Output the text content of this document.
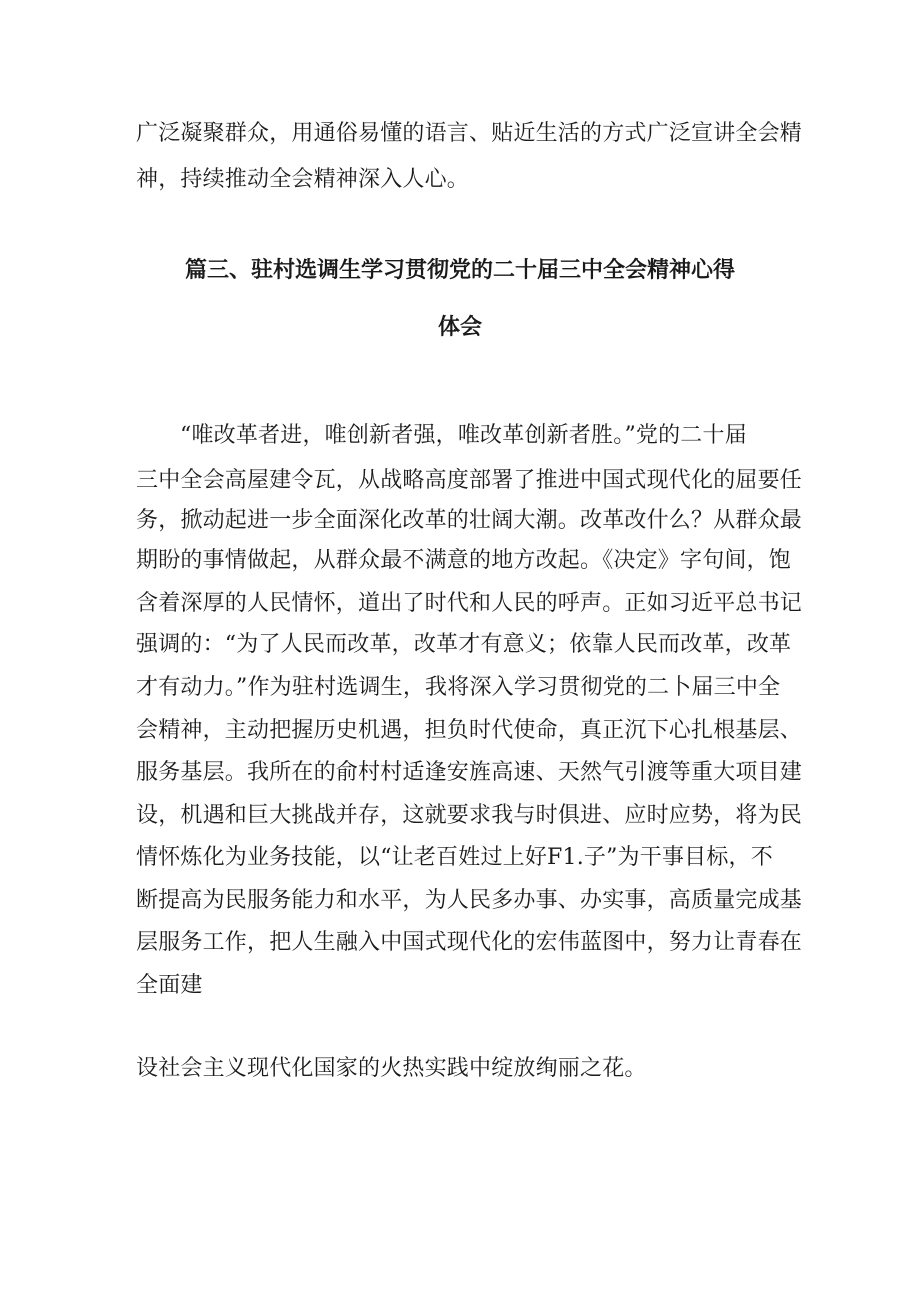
广泛凝聚群众，用通俗易懂的语言、贴近生活的方式广泛宣讲全会精
神，持续推动全会精神深入人心。
篇三、驻村选调生学习贯彻党的二十届三中全会精神心得
体会
“唯改革者进，唯创新者强，唯改革创新者胜。”党的二十届
三中全会高屋建令瓦，从战略高度部署了推进中国式现代化的屈要任
务，掀动起进一步全面深化改革的壮阔大潮。改革改什么？从群众最
期盼的事情做起，从群众最不满意的地方改起。《决定》字句间，饱
含着深厚的人民情怀，道出了时代和人民的呼声。正如习近平总书记
强调的：“为了人民而改革，改革才有意义；依靠人民而改革，改革
才有动力。”作为驻村选调生，我将深入学习贯彻党的二卜届三中全
会精神，主动把握历史机遇，担负时代使命，真正沉下心扎根基层、
服务基层。我所在的俞村村适逢安旌高速、天然气引渡等重大项目建
设，机遇和巨大挑战并存，这就要求我与时俱进、应时应势，将为民
情怀炼化为业务技能，以“让老百姓过上好F1.子”为干事目标，不
断提高为民服务能力和水平，为人民多办事、办实事，高质量完成基
层服务工作，把人生融入中国式现代化的宏伟蓝图中，努力让青春在
全面建
设社会主义现代化国家的火热实践中绽放绚丽之花。
